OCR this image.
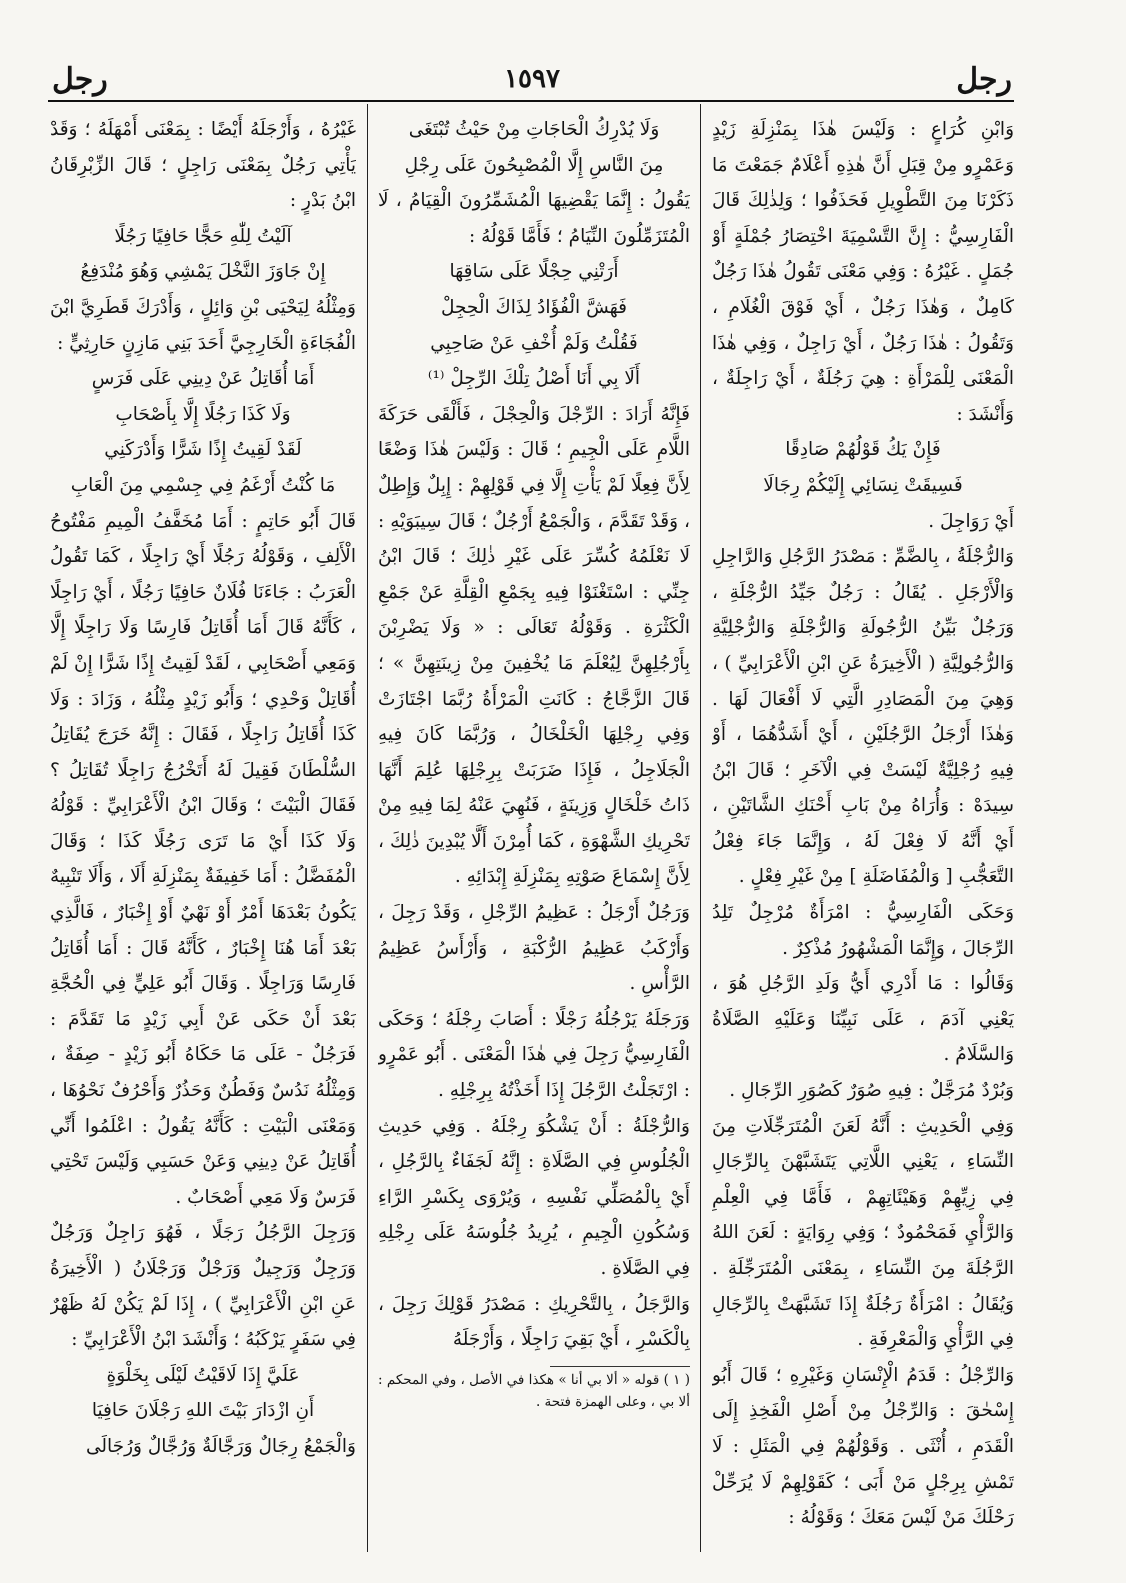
رجل
١٥٩٧
رجل

وَابْنِ كُرَاعٍ : وَلَيْسَ هٰذَا بِمَنْزِلَةِ زَيْدٍ وَعَمْرٍو مِنْ قِبَلِ أَنَّ هٰذِهِ أَعْلَامٌ جَمَعْتَ مَا ذَكَرْنَا مِنَ التَّطْوِيلِ فَحَذَفُوا ؛ وَلِذٰلِكَ قَالَ الْفَارِسِيُّ : إِنَّ التَّسْمِيَةَ اخْتِصَارُ جُمْلَةٍ أَوْ جُمَلٍ . غَيْرُهُ : وَفِي مَعْنَى تَقُولُ هٰذَا رَجُلٌ كَامِلٌ ، وَهٰذَا رَجُلٌ ، أَيْ فَوْقَ الْغُلَامِ ، وَتَقُولُ : هٰذَا رَجُلٌ ، أَيْ رَاجِلٌ ، وَفِي هٰذَا الْمَعْنَى لِلْمَرْأَةِ : هِيَ رَجُلَةٌ ، أَيْ رَاجِلَةٌ ، وَأَنْشَدَ :

فَإِنْ يَكُ قَوْلُهُمْ صَادِقًا

فَسِيقَتْ نِسَائِي إِلَيْكُمْ رِجَالَا

أَيْ رَوَاجِلَ .

وَالرُّجْلَةُ ، بِالضَّمِّ : مَصْدَرُ الرَّجُلِ وَالرَّاجِلِ وَالْأَرْجَلِ . يُقَالُ : رَجُلٌ جَيِّدُ الرُّجْلَةِ ، وَرَجُلٌ بَيِّنُ الرُّجُولَةِ وَالرُّجْلَةِ وَالرُّجْلِيَّةِ وَالرُّجُولِيَّةِ ( الْأَخِيرَةُ عَنِ ابْنِ الْأَعْرَابِيِّ ) ، وَهِيَ مِنَ الْمَصَادِرِ الَّتِي لَا أَفْعَالَ لَهَا . وَهٰذَا أَرْجَلُ الرَّجُلَيْنِ ، أَيْ أَشَدُّهُمَا ، أَوْ فِيهِ رُجْلِيَّةٌ لَيْسَتْ فِي الْآخَرِ ؛ قَالَ ابْنُ سِيدَهْ : وَأُرَاهُ مِنْ بَابِ أَحْنَكِ الشَّاتَيْنِ ، أَيْ أَنَّهُ لَا فِعْلَ لَهُ ، وَإِنَّمَا جَاءَ فِعْلُ التَّعَجُّبِ [ وَالْمُفَاضَلَةِ ] مِنْ غَيْرِ فِعْلٍ .

وَحَكَى الْفَارِسِيُّ : امْرَأَةٌ مُرْجِلٌ تَلِدُ الرِّجَالَ ، وَإِنَّمَا الْمَشْهُورُ مُذْكِرٌ .

وَقَالُوا : مَا أَدْرِي أَيُّ وَلَدِ الرَّجُلِ هُوَ ، يَعْنِي آدَمَ ، عَلَى نَبِيِّنَا وَعَلَيْهِ الصَّلَاةُ وَالسَّلَامُ .

وَبُرْدٌ مُرَجَّلٌ : فِيهِ صُوَرٌ كَصُوَرِ الرِّجَالِ .

وَفِي الْحَدِيثِ : أَنَّهُ لَعَنَ الْمُتَرَجِّلَاتِ مِنَ النِّسَاءِ ، يَعْنِي اللَّاتِي يَتَشَبَّهْنَ بِالرِّجَالِ فِي زِيِّهِمْ وَهَيْئَاتِهِمْ ، فَأَمَّا فِي الْعِلْمِ وَالرَّأْيِ فَمَحْمُودٌ ؛ وَفِي رِوَايَةٍ : لَعَنَ اللهُ الرَّجُلَةَ مِنَ النِّسَاءِ ، بِمَعْنَى الْمُتَرَجِّلَةِ . وَيُقَالُ : امْرَأَةٌ رَجُلَةٌ إِذَا تَشَبَّهَتْ بِالرِّجَالِ فِي الرَّأْيِ وَالْمَعْرِفَةِ .

وَالرِّجْلُ : قَدَمُ الْإِنْسَانِ وَغَيْرِهِ ؛ قَالَ أَبُو إِسْحٰقَ : وَالرِّجْلُ مِنْ أَصْلِ الْفَخِذِ إِلَى الْقَدَمِ ، أُنْثَى . وَقَوْلُهُمْ فِي الْمَثَلِ : لَا تَمْشِ بِرِجْلٍ مَنْ أَبَى ؛ كَقَوْلِهِمْ لَا يُرَحِّلْ رَحْلَكَ مَنْ لَيْسَ مَعَكَ ؛ وَقَوْلُهُ :

وَلَا يُدْرِكُ الْحَاجَاتِ مِنْ حَيْثُ تُبْتَغَى

مِنَ النَّاسِ إِلَّا الْمُصْبِحُونَ عَلَى رِجْلِ

يَقُولُ : إِنَّمَا يَقْضِيهَا الْمُشَمِّرُونَ الْقِيَامُ ، لَا الْمُتَزَمِّلُونَ النِّيَامُ ؛ فَأَمَّا قَوْلُهُ :

أَرَتْنِي حِجْلًا عَلَى سَاقِهَا

فَهَشَّ الْفُؤَادُ لِذَاكَ الْحِجِلْ

فَقُلْتُ وَلَمْ أُخْفِ عَنْ صَاحِبِي

أَلَا بِي أَنَا أَصْلُ تِلْكَ الرِّجِلْ ⁽¹⁾

فَإِنَّهُ أَرَادَ : الرِّجْلَ وَالْحِجْلَ ، فَأَلْقَى حَرَكَةَ اللَّامِ عَلَى الْجِيمِ ؛ قَالَ : وَلَيْسَ هٰذَا وَضْعًا لِأَنَّ فِعِلًا لَمْ يَأْتِ إِلَّا فِي قَوْلِهِمْ : إِبِلٌ وَإِطِلٌ ، وَقَدْ تَقَدَّمَ ، وَالْجَمْعُ أَرْجُلٌ ؛ قَالَ سِيبَوَيْهِ : لَا نَعْلَمُهُ كُسِّرَ عَلَى غَيْرِ ذٰلِكَ ؛ قَالَ ابْنُ جِنِّي : اسْتَغْنَوْا فِيهِ بِجَمْعِ الْقِلَّةِ عَنْ جَمْعِ الْكَثْرَةِ . وَقَوْلُهُ تَعَالَى : « وَلَا يَضْرِبْنَ بِأَرْجُلِهِنَّ لِيُعْلَمَ مَا يُخْفِينَ مِنْ زِينَتِهِنَّ » ؛ قَالَ الزَّجَّاجُ : كَانَتِ الْمَرْأَةُ رُبَّمَا اجْتَازَتْ وَفِي رِجْلِهَا الْخَلْخَالُ ، وَرُبَّمَا كَانَ فِيهِ الْجَلَاجِلُ ، فَإِذَا ضَرَبَتْ بِرِجْلِهَا عُلِمَ أَنَّهَا ذَاتُ خَلْخَالٍ وَزِينَةٍ ، فَنُهِيَ عَنْهُ لِمَا فِيهِ مِنْ تَحْرِيكِ الشَّهْوَةِ ، كَمَا أُمِرْنَ أَلَّا يُبْدِينَ ذٰلِكَ ، لِأَنَّ إِسْمَاعَ صَوْتِهِ بِمَنْزِلَةِ إِبْدَائِهِ .

وَرَجُلٌ أَرْجَلُ : عَظِيمُ الرِّجْلِ ، وَقَدْ رَجِلَ ، وَأَرْكَبُ عَظِيمُ الرُّكْبَةِ ، وَأَرْأَسُ عَظِيمُ الرَّأْسِ .

وَرَجَلَهُ يَرْجُلُهُ رَجْلًا : أَصَابَ رِجْلَهُ ؛ وَحَكَى الْفَارِسِيُّ رَجِلَ فِي هٰذَا الْمَعْنَى . أَبُو عَمْرٍو : ارْتَجَلْتُ الرَّجُلَ إِذَا أَخَذْتُهُ بِرِجْلِهِ .

وَالرُّجْلَةُ : أَنْ يَشْكُوَ رِجْلَهُ . وَفِي حَدِيثِ الْجُلُوسِ فِي الصَّلَاةِ : إِنَّهُ لَجَفَاءٌ بِالرَّجُلِ ، أَيْ بِالْمُصَلِّي نَفْسِهِ ، وَيُرْوَى بِكَسْرِ الرَّاءِ وَسُكُونِ الْجِيمِ ، يُرِيدُ جُلُوسَهُ عَلَى رِجْلِهِ فِي الصَّلَاةِ .

وَالرَّجَلُ ، بِالتَّحْرِيكِ : مَصْدَرُ قَوْلِكَ رَجِلَ ، بِالْكَسْرِ ، أَيْ بَقِيَ رَاجِلًا ، وَأَرْجَلَهُ

( ١ ) قوله « ألا بي أنا » هكذا في الأصل ، وفي المحكم : ألا بي ، وعلى الهمزة فتحة .

غَيْرُهُ ، وَأَرْجَلَهُ أَيْضًا : بِمَعْنَى أَمْهَلَهُ ؛ وَقَدْ يَأْتِي رَجُلٌ بِمَعْنَى رَاجِلٍ ؛ قَالَ الزِّبْرِقَانُ ابْنُ بَدْرٍ :

آلَيْتُ لِلّٰهِ حَجًّا حَافِيًا رَجُلًا

إِنْ جَاوَزَ النَّخْلَ يَمْشِي وَهُوَ مُنْدَفِعُ

وَمِثْلُهُ لِيَحْيَى بْنِ وَائِلٍ ، وَأَدْرَكَ قَطَرِيَّ ابْنَ الْفُجَاءَةِ الْخَارِجِيَّ أَحَدَ بَنِي مَازِنٍ حَارِثِيٍّ :

أَمَا أُقَاتِلُ عَنْ دِينِي عَلَى فَرَسٍ

وَلَا كَذَا رَجُلًا إِلَّا بِأَصْحَابِ

لَقَدْ لَقِيتُ إِذًا شَرًّا وَأَدْرَكَنِي

مَا كُنْتُ أَرْغَمُ فِي جِسْمِي مِنَ الْعَابِ

قَالَ أَبُو حَاتِمٍ : أَمَا مُخَفَّفُ الْمِيمِ مَفْتُوحُ الْأَلِفِ ، وَقَوْلُهُ رَجُلًا أَيْ رَاجِلًا ، كَمَا تَقُولُ الْعَرَبُ : جَاءَنَا فُلَانٌ حَافِيًا رَجُلًا ، أَيْ رَاجِلًا ، كَأَنَّهُ قَالَ أَمَا أُقَاتِلُ فَارِسًا وَلَا رَاجِلًا إِلَّا وَمَعِي أَصْحَابِي ، لَقَدْ لَقِيتُ إِذًا شَرًّا إِنْ لَمْ أُقَاتِلْ وَحْدِي ؛ وَأَبُو زَيْدٍ مِثْلُهُ ، وَزَادَ : وَلَا كَذَا أُقَاتِلُ رَاجِلًا ، فَقَالَ : إِنَّهُ خَرَجَ يُقَاتِلُ السُّلْطَانَ فَقِيلَ لَهُ أَتَخْرُجُ رَاجِلًا تُقَاتِلُ ؟ فَقَالَ الْبَيْتَ ؛ وَقَالَ ابْنُ الْأَعْرَابِيِّ : قَوْلُهُ وَلَا كَذَا أَيْ مَا تَرَى رَجُلًا كَذَا ؛ وَقَالَ الْمُفَضَّلُ : أَمَا خَفِيفَةٌ بِمَنْزِلَةِ أَلَا ، وَأَلَا تَنْبِيهٌ يَكُونُ بَعْدَهَا أَمْرٌ أَوْ نَهْيٌ أَوْ إِخْبَارٌ ، فَالَّذِي بَعْدَ أَمَا هُنَا إِخْبَارٌ ، كَأَنَّهُ قَالَ : أَمَا أُقَاتِلُ فَارِسًا وَرَاجِلًا . وَقَالَ أَبُو عَلِيٍّ فِي الْحُجَّةِ بَعْدَ أَنْ حَكَى عَنْ أَبِي زَيْدٍ مَا تَقَدَّمَ : فَرَجُلٌ - عَلَى مَا حَكَاهُ أَبُو زَيْدٍ - صِفَةٌ ، وَمِثْلُهُ نَدُسٌ وَفَطُنٌ وَحَذُرٌ وَأَحْرُفٌ نَحْوُهَا ، وَمَعْنَى الْبَيْتِ : كَأَنَّهُ يَقُولُ : اعْلَمُوا أَنِّي أُقَاتِلُ عَنْ دِينِي وَعَنْ حَسَبِي وَلَيْسَ تَحْتِي فَرَسٌ وَلَا مَعِي أَصْحَابٌ .

وَرَجِلَ الرَّجُلُ رَجَلًا ، فَهُوَ رَاجِلٌ وَرَجُلٌ وَرَجِلٌ وَرَجِيلٌ وَرَجْلٌ وَرَجْلَانُ ( الْأَخِيرَةُ عَنِ ابْنِ الْأَعْرَابِيِّ ) ، إِذَا لَمْ يَكُنْ لَهُ ظَهْرٌ فِي سَفَرٍ يَرْكَبُهُ ؛ وَأَنْشَدَ ابْنُ الْأَعْرَابِيِّ :

عَلَيَّ إِذَا لَاقَيْتُ لَيْلَى بِخَلْوَةٍ

أَنِ ازْدَارَ بَيْتَ اللهِ رَجْلَانَ حَافِيَا

وَالْجَمْعُ رِجَالٌ وَرَجَّالَةٌ وَرُجَّالٌ وَرُجَالَى
